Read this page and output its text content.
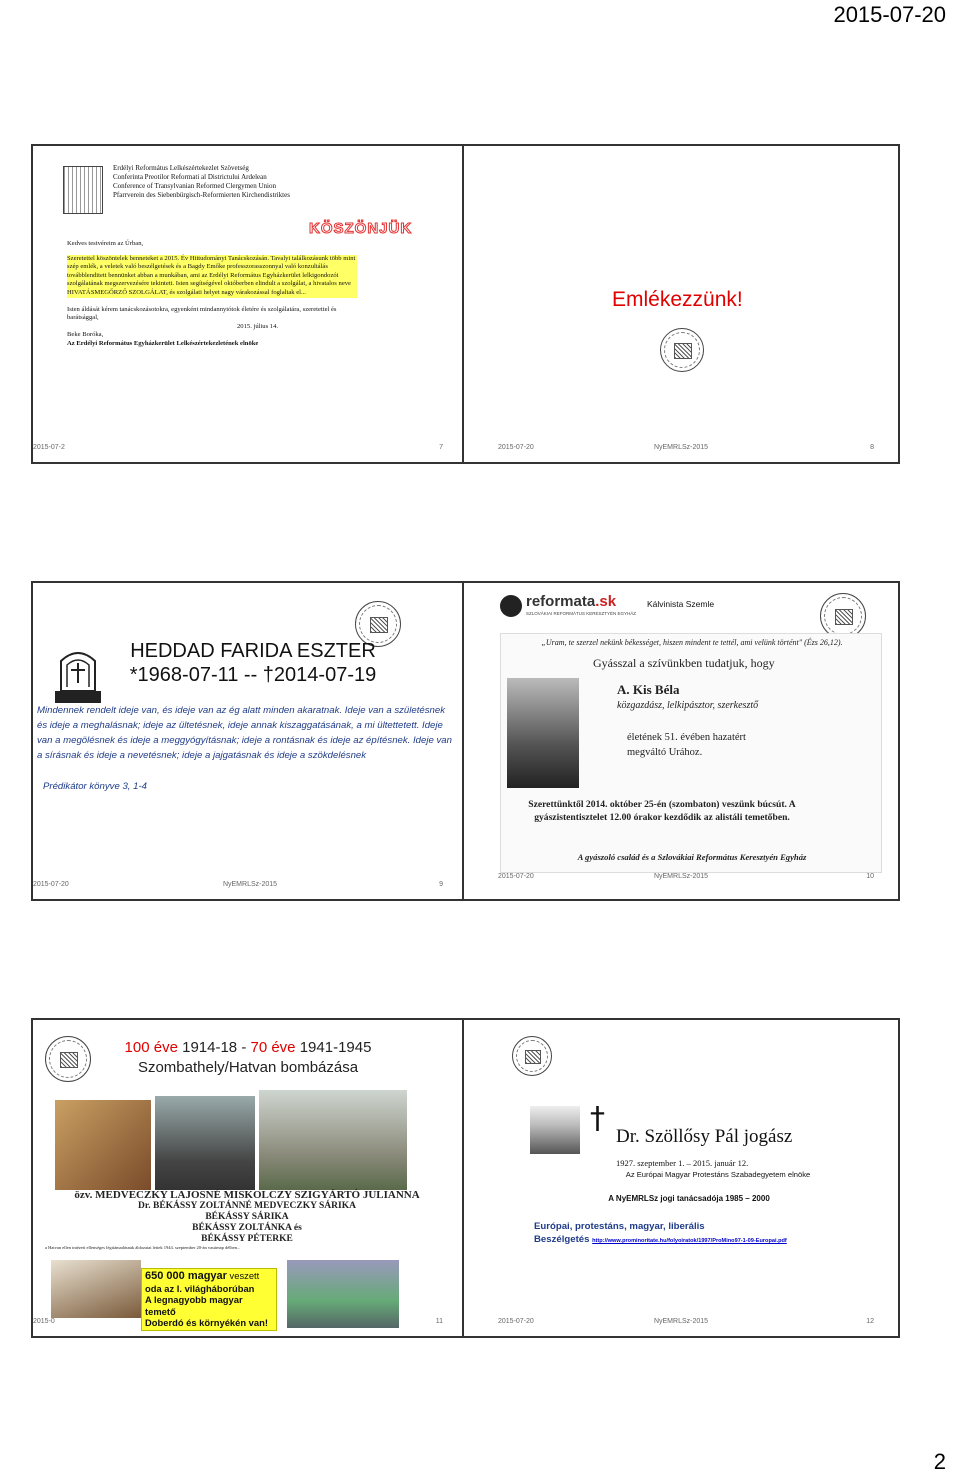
2015-07-20
Erdélyi Református Lelkészértekezlet Szövetség
Conferinta Preotilor Reformati al Districtului Ardelean
Conference of Transylvanian Reformed Clergymen Union
Pfarrverein des Siebenbürgisch-Reformierten Kirchendistriktes
Kedves testvéreim az Úrban,
Szeretettel köszöntelek benneteket a 2015. Év Hittudományi Tanácskozásán. Tavalyi találkozásunk több mint szép emlék, a veletek való beszélgetések és a Bagdy Emőke professzorasszonnyal való konzultálás továbblenditett bennünket abban a munkában, ami az Erdélyi Református Egyházkerület lelkigondozói szolgálatának megszervezésére tekintett. Isten segítségével októberben elindult a szolgálat, a hivatalos neve HIVATÁSMEGŐRZŐ SZOLGÁLAT, és szolgálati helyet nagy várakozással foglaltak el...
Isten áldását kérem tanácskozásotokra, egyenként mindannyiótok életére és szolgálatára, szeretettel és barátsággal,
2015. július 14.
Beke Boróka,
Az Erdélyi Református Egyházkerület Lelkészértekezletének elnöke
KÖSZÖNJÜK
2015-07-2	7
Emlékezzünk!
2015-07-20	NyEMRLSz-2015	8
HEDDAD FARIDA ESZTER
*1968-07-11 -- †2014-07-19
Mindennek rendelt ideje van, és ideje van az ég alatt minden akaratnak. Ideje van a születésnek és ideje a meghalásnak; ideje az ültetésnek, ideje annak kiszaggatásának, a mi ültettetett. Ideje van a megölésnek és ideje a meggyógyításnak; ideje a rontásnak és ideje az építésnek. Ideje van a sírásnak és ideje a nevetésnek; ideje a jajgatásnak és ideje a szökdelésnek
Prédikátor könyve 3, 1-4
2015-07-20	NyEMRLSz-2015	9
reformata.sk
SZLOVÁKIAI REFORMÁTUS KERESZTYÉN EGYHÁZ
Kálvinista Szemle
„Uram, te szerzel nekünk békességet, hiszen mindent te tettél, ami velünk történt" (Ézs 26,12).
Gyásszal a szívünkben tudatjuk, hogy
A. Kis Béla
közgazdász, lelkipásztor, szerkesztő
életének 51. évében hazatért megváltó Urához.
Szerettünktől 2014. október 25-én (szombaton) veszünk búcsút. A gyászistentisztelet 12.00 órakor kezdődik az alistáli temetőben.
A gyászoló család és a Szlovákiai Református Keresztyén Egyház
2015-07-20	NyEMRLSz-2015	10
100 éve 1914-18 - 70 éve 1941-1945
Szombathely/Hatvan bombázása
özv. MEDVECZKY LAJOSNÉ MISKOLCZY SZIGYÁRTÓ JULIANNA
Dr. BÉKÁSSY ZOLTÁNNÉ MEDVECZKY SÁRIKA
BÉKÁSSY SÁRIKA
BÉKÁSSY ZOLTÁNKA és
BÉKÁSSY PÉTERKE
a Hatvan ellen intézett ellenséges légitámadásnak áldozatai lettek 1944. szeptember 20-án vasárnap délben...
650 000 magyar veszett
oda az I. világháborúban
A legnagyobb magyar temető
Doberdó és környékén van!
2015-0	11
†
Dr. Szöllősy Pál jogász
1927. szeptember 1. – 2015. január 12.
Az Európai Magyar Protestáns Szabadegyetem elnöke
A NyEMRLSz jogi tanácsadója 1985 – 2000
Európai, protestáns, magyar, liberális
Beszélgetés http://www.prominoritate.hu/folyoiratok/1997/ProMino97-1-09-Europai.pdf
2015-07-20	NyEMRLSz-2015	12
2
